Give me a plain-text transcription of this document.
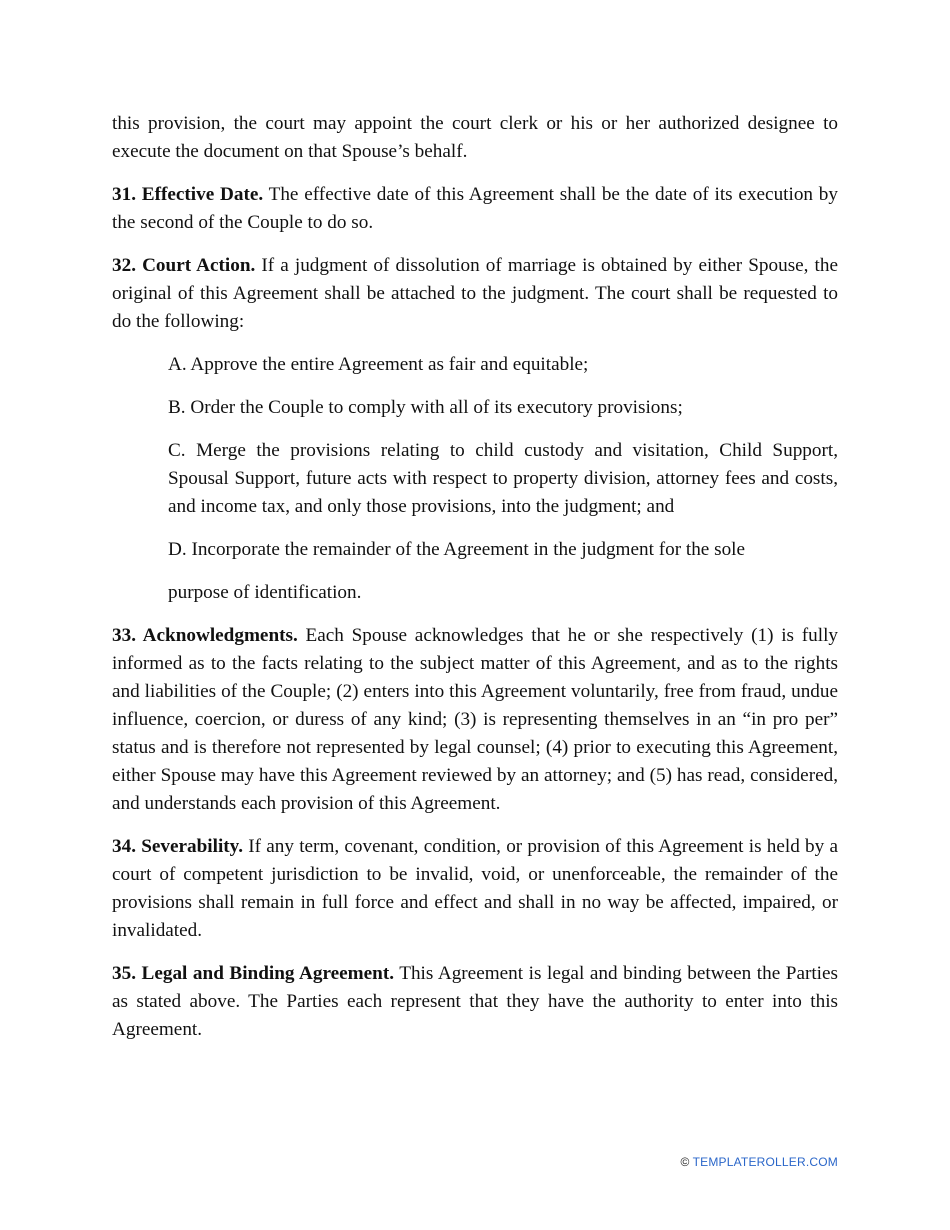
this provision, the court may appoint the court clerk or his or her authorized designee to execute the document on that Spouse’s behalf.

31. Effective Date. The effective date of this Agreement shall be the date of its execution by the second of the Couple to do so.

32. Court Action. If a judgment of dissolution of marriage is obtained by either Spouse, the original of this Agreement shall be attached to the judgment. The court shall be requested to do the following:

A. Approve the entire Agreement as fair and equitable;

B. Order the Couple to comply with all of its executory provisions;

C. Merge the provisions relating to child custody and visitation, Child Support, Spousal Support, future acts with respect to property division, attorney fees and costs, and income tax, and only those provisions, into the judgment; and

D. Incorporate the remainder of the Agreement in the judgment for the sole

purpose of identification.

33. Acknowledgments. Each Spouse acknowledges that he or she respectively (1) is fully informed as to the facts relating to the subject matter of this Agreement, and as to the rights and liabilities of the Couple; (2) enters into this Agreement voluntarily, free from fraud, undue influence, coercion, or duress of any kind; (3) is representing themselves in an “in pro per” status and is therefore not represented by legal counsel; (4) prior to executing this Agreement, either Spouse may have this Agreement reviewed by an attorney; and (5) has read, considered, and understands each provision of this Agreement.

34. Severability. If any term, covenant, condition, or provision of this Agreement is held by a court of competent jurisdiction to be invalid, void, or unenforceable, the remainder of the provisions shall remain in full force and effect and shall in no way be affected, impaired, or invalidated.

35. Legal and Binding Agreement. This Agreement is legal and binding between the Parties as stated above. The Parties each represent that they have the authority to enter into this Agreement.

© TEMPLATEROLLER.COM
